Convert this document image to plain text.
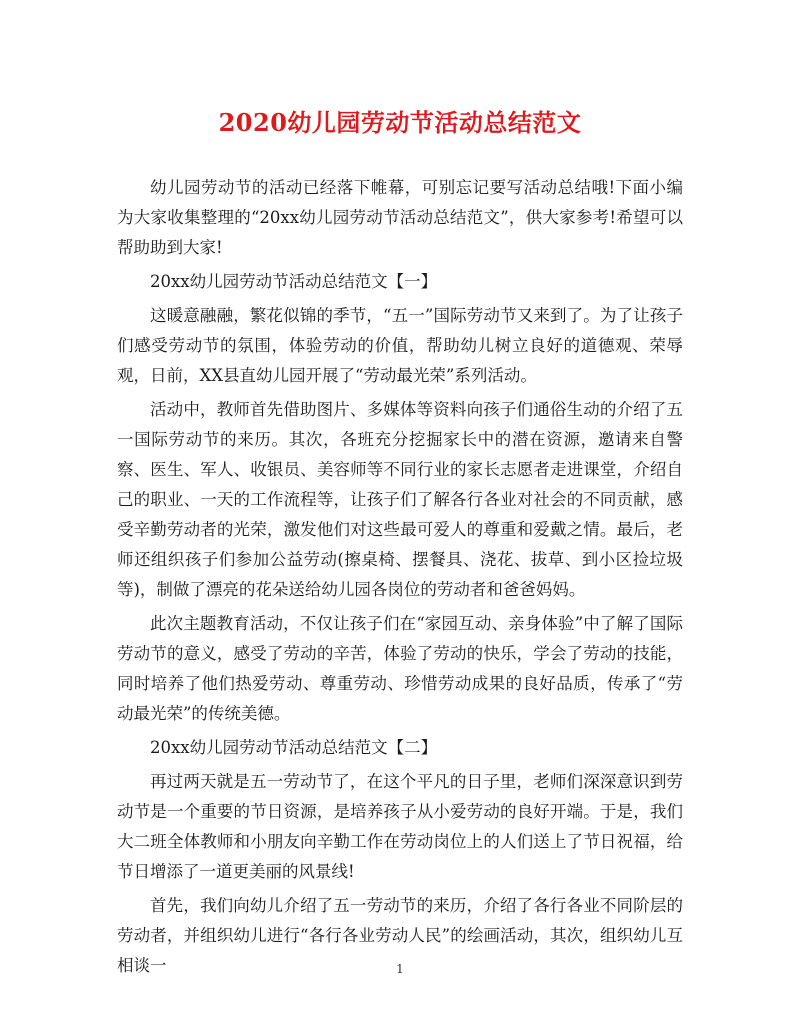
2020幼儿园劳动节活动总结范文

幼儿园劳动节的活动已经落下帷幕，可别忘记要写活动总结哦!下面小编为大家收集整理的“20xx幼儿园劳动节活动总结范文”，供大家参考!希望可以帮助助到大家!

20xx幼儿园劳动节活动总结范文【一】

这暖意融融，繁花似锦的季节，“五一”国际劳动节又来到了。为了让孩子们感受劳动节的氛围，体验劳动的价值，帮助幼儿树立良好的道德观、荣辱观，日前，XX县直幼儿园开展了“劳动最光荣”系列活动。

活动中，教师首先借助图片、多媒体等资料向孩子们通俗生动的介绍了五一国际劳动节的来历。其次，各班充分挖掘家长中的潜在资源，邀请来自警察、医生、军人、收银员、美容师等不同行业的家长志愿者走进课堂，介绍自己的职业、一天的工作流程等，让孩子们了解各行各业对社会的不同贡献，感受辛勤劳动者的光荣，激发他们对这些最可爱人的尊重和爱戴之情。最后，老师还组织孩子们参加公益劳动(擦桌椅、摆餐具、浇花、拔草、到小区捡垃圾等)，制做了漂亮的花朵送给幼儿园各岗位的劳动者和爸爸妈妈。

此次主题教育活动，不仅让孩子们在“家园互动、亲身体验”中了解了国际劳动节的意义，感受了劳动的辛苦，体验了劳动的快乐，学会了劳动的技能，同时培养了他们热爱劳动、尊重劳动、珍惜劳动成果的良好品质，传承了“劳动最光荣”的传统美德。

20xx幼儿园劳动节活动总结范文【二】

再过两天就是五一劳动节了，在这个平凡的日子里，老师们深深意识到劳动节是一个重要的节日资源，是培养孩子从小爱劳动的良好开端。于是，我们大二班全体教师和小朋友向辛勤工作在劳动岗位上的人们送上了节日祝福，给节日增添了一道更美丽的风景线!

首先，我们向幼儿介绍了五一劳动节的来历，介绍了各行各业不同阶层的劳动者，并组织幼儿进行“各行各业劳动人民”的绘画活动，其次，组织幼儿互相谈一	1
